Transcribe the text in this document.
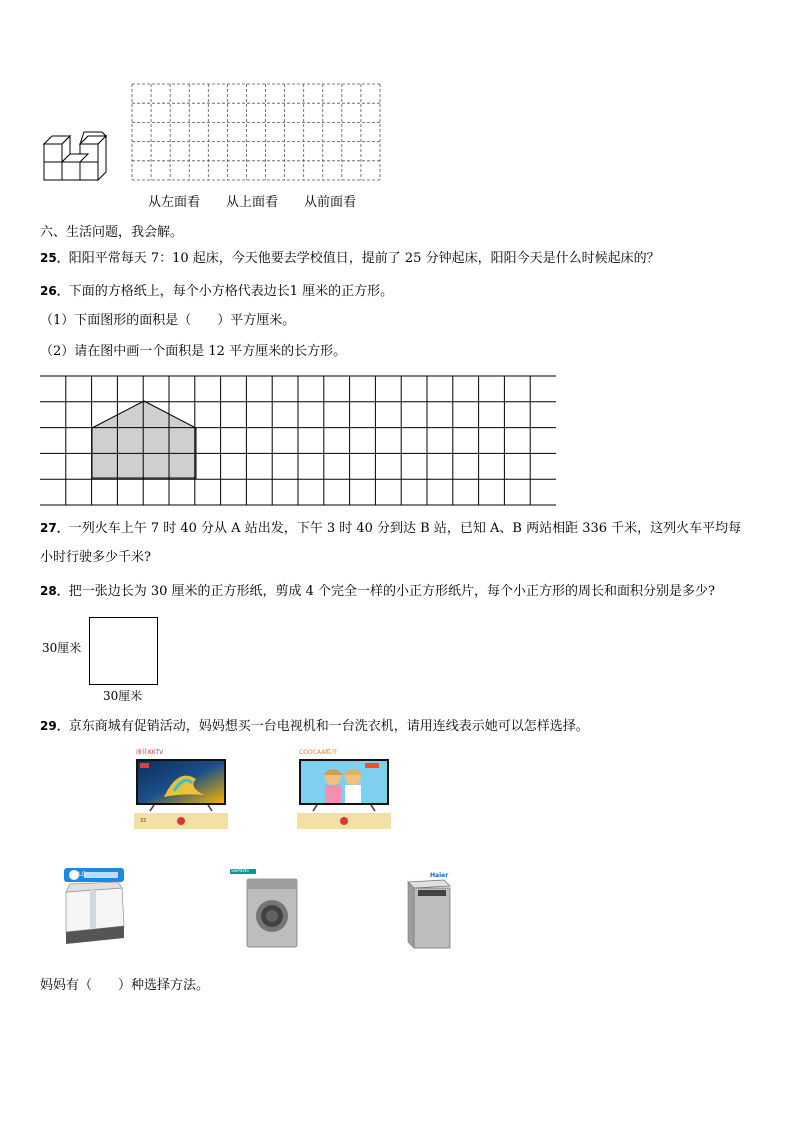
从左面看 从上面看 从前面看
六、生活问题，我会解。
25．阳阳平常每天 7：10 起床，今天他要去学校值日，提前了 25 分钟起床，阳阳今天是什么时候起床的？
26．下面的方格纸上，每个小方格代表边长1 厘米的正方形。
（1）下面图形的面积是（　　）平方厘米。
（2）请在图中画一个面积是 12 平方厘米的长方形。
27．一列火车上午 7 时 40 分从 A 站出发，下午 3 时 40 分到达 B 站，已知 A、B 两站相距 336 千米，这列火车平均每
小时行驶多少千米?
28．把一张边长为 30 厘米的正方形纸，剪成 4 个完全一样的小正方形纸片，每个小正方形的周长和面积分别是多少?
30厘米
30厘米
29．京东商城有促销活动，妈妈想买一台电视机和一台洗衣机，请用连线表示她可以怎样选择。
康佳KKTV
32
COOCAA酷开
LG
SIEMENS
Haier
妈妈有（　　）种选择方法。
